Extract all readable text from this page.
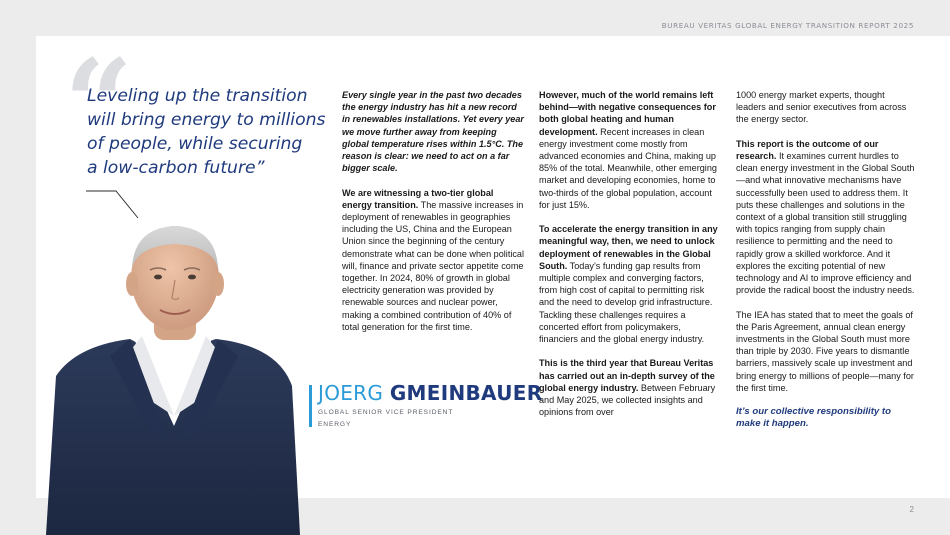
BUREAU VERITAS GLOBAL ENERGY TRANSITION REPORT 2025
“
Leveling up the transition
will bring energy to millions
of people, while securing
a low-carbon future”
JOERG GMEINBAUER
GLOBAL SENIOR VICE PRESIDENT
ENERGY

Every single year in the past two decades the energy industry has hit a new record in renewables installations. Yet every year we move further away from keeping global temperature rises within 1.5°C. The reason is clear: we need to act on a far bigger scale.

We are witnessing a two-tier global energy transition. The massive increases in deployment of renewables in geographies including the US, China and the European Union since the beginning of the century demonstrate what can be done when political will, finance and private sector appetite come together. In 2024, 80% of growth in global electricity generation was provided by renewable sources and nuclear power, making a combined contribution of 40% of total generation for the first time.

However, much of the world remains left behind—with negative consequences for both global heating and human development. Recent increases in clean energy investment come mostly from advanced economies and China, making up 85% of the total. Meanwhile, other emerging market and developing economies, home to two-thirds of the global population, account for just 15%.

To accelerate the energy transition in any meaningful way, then, we need to unlock deployment of renewables in the Global South. Today’s funding gap results from multiple complex and converging factors, from high cost of capital to permitting risk and the need to develop grid infrastructure. Tackling these challenges requires a concerted effort from policymakers, financiers and the global energy industry.

This is the third year that Bureau Veritas has carried out an in-depth survey of the global energy industry. Between February and May 2025, we collected insights and opinions from over

1000 energy market experts, thought leaders and senior executives from across the energy sector.

This report is the outcome of our research. It examines current hurdles to clean energy investment in the Global South—and what innovative mechanisms have successfully been used to address them. It puts these challenges and solutions in the context of a global transition still struggling with topics ranging from supply chain resilience to permitting and the need to rapidly grow a skilled workforce. And it explores the exciting potential of new technology and AI to improve efficiency and provide the radical boost the industry needs.

The IEA has stated that to meet the goals of the Paris Agreement, annual clean energy investments in the Global South must more than triple by 2030. Five years to dismantle barriers, massively scale up investment and bring energy to millions of people—many for the first time.

It’s our collective responsibility to make it happen.

2
